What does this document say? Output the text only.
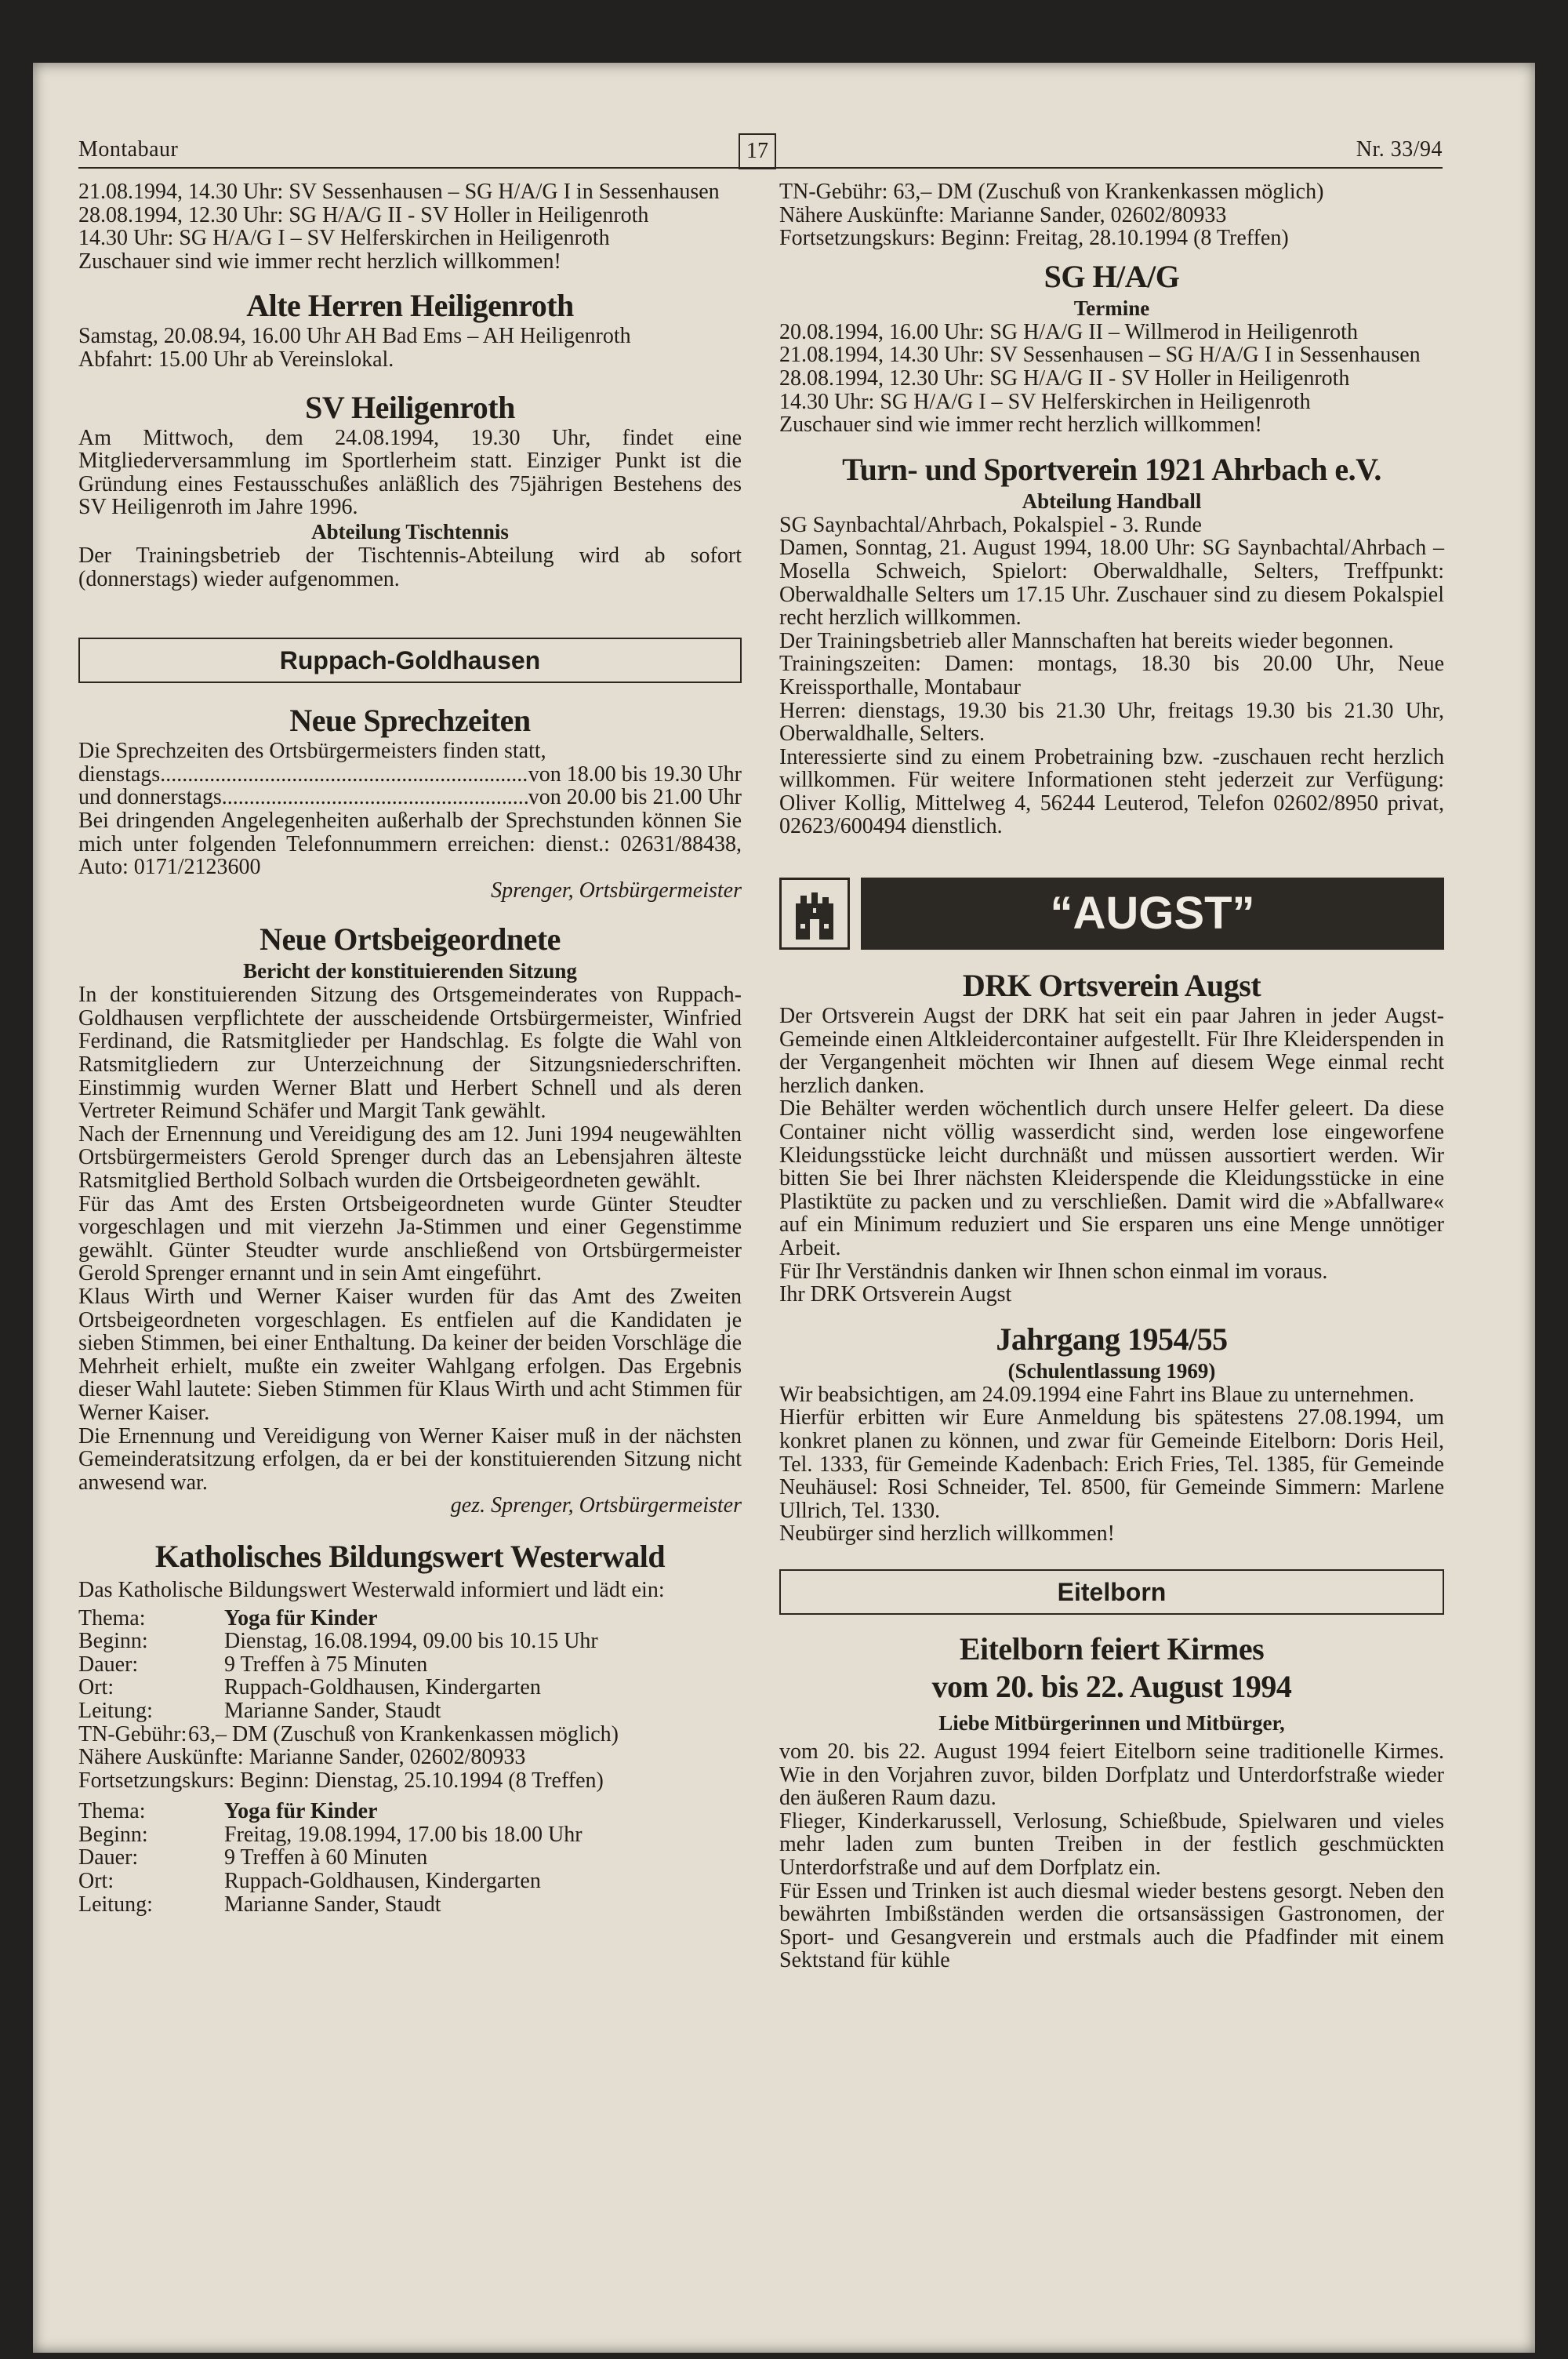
Montabaur	17	Nr. 33/94

21.08.1994, 14.30 Uhr: SV Sessenhausen – SG H/A/G I in Sessenhausen

28.08.1994, 12.30 Uhr: SG H/A/G II - SV Holler in Heiligenroth

14.30 Uhr: SG H/A/G I – SV Helferskirchen in Heiligenroth

Zuschauer sind wie immer recht herzlich willkommen!

Alte Herren Heiligenroth

Samstag, 20.08.94, 16.00 Uhr AH Bad Ems – AH Heiligenroth

Abfahrt: 15.00 Uhr ab Vereinslokal.

SV Heiligenroth

Am Mittwoch, dem 24.08.1994, 19.30 Uhr, findet eine Mitgliederversammlung im Sportlerheim statt. Einziger Punkt ist die Gründung eines Festausschußes anläßlich des 75jährigen Bestehens des SV Heiligenroth im Jahre 1996.

Abteilung Tischtennis

Der Trainingsbetrieb der Tischtennis-Abteilung wird ab sofort (donnerstags) wieder aufgenommen.

Ruppach-Goldhausen
Neue Sprechzeiten

Die Sprechzeiten des Ortsbürgermeisters finden statt,

dienstags .....	von 18.00 bis 19.30 Uhr
und donnerstags .....	von 20.00 bis 21.00 Uhr

Bei dringenden Angelegenheiten außerhalb der Sprechstunden können Sie mich unter folgenden Telefonnummern erreichen: dienst.: 02631/88438, Auto: 0171/2123600

Sprenger, Ortsbürgermeister

Neue Ortsbeigeordnete
Bericht der konstituierenden Sitzung

In der konstituierenden Sitzung des Ortsgemeinderates von Ruppach-Goldhausen verpflichtete der ausscheidende Ortsbürgermeister, Winfried Ferdinand, die Ratsmitglieder per Handschlag. Es folgte die Wahl von Ratsmitgliedern zur Unterzeichnung der Sitzungsniederschriften. Einstimmig wurden Werner Blatt und Herbert Schnell und als deren Vertreter Reimund Schäfer und Margit Tank gewählt.

Nach der Ernennung und Vereidigung des am 12. Juni 1994 neugewählten Ortsbürgermeisters Gerold Sprenger durch das an Lebensjahren älteste Ratsmitglied Berthold Solbach wurden die Ortsbeigeordneten gewählt.

Für das Amt des Ersten Ortsbeigeordneten wurde Günter Steudter vorgeschlagen und mit vierzehn Ja-Stimmen und einer Gegenstimme gewählt. Günter Steudter wurde anschließend von Ortsbürgermeister Gerold Sprenger ernannt und in sein Amt eingeführt.

Klaus Wirth und Werner Kaiser wurden für das Amt des Zweiten Ortsbeigeordneten vorgeschlagen. Es entfielen auf die Kandidaten je sieben Stimmen, bei einer Enthaltung. Da keiner der beiden Vorschläge die Mehrheit erhielt, mußte ein zweiter Wahlgang erfolgen. Das Ergebnis dieser Wahl lautete: Sieben Stimmen für Klaus Wirth und acht Stimmen für Werner Kaiser.

Die Ernennung und Vereidigung von Werner Kaiser muß in der nächsten Gemeinderatsitzung erfolgen, da er bei der konstituierenden Sitzung nicht anwesend war.

gez. Sprenger, Ortsbürgermeister

Katholisches Bildungswert Westerwald

Das Katholische Bildungswert Westerwald informiert und lädt ein:

Thema:	Yoga für Kinder
Beginn:	Dienstag, 16.08.1994, 09.00 bis 10.15 Uhr
Dauer:	9 Treffen à 75 Minuten
Ort:	Ruppach-Goldhausen, Kindergarten
Leitung:	Marianne Sander, Staudt
TN-Gebühr: 63,– DM (Zuschuß von Krankenkassen möglich)

Nähere Auskünfte: Marianne Sander, 02602/80933

Fortsetzungskurs: Beginn: Dienstag, 25.10.1994 (8 Treffen)

Thema:	Yoga für Kinder
Beginn:	Freitag, 19.08.1994, 17.00 bis 18.00 Uhr
Dauer:	9 Treffen à 60 Minuten
Ort:	Ruppach-Goldhausen, Kindergarten
Leitung:	Marianne Sander, Staudt

TN-Gebühr: 63,– DM (Zuschuß von Krankenkassen möglich)

Nähere Auskünfte: Marianne Sander, 02602/80933

Fortsetzungskurs: Beginn: Freitag, 28.10.1994 (8 Treffen)

SG H/A/G
Termine

20.08.1994, 16.00 Uhr: SG H/A/G II – Willmerod in Heiligenroth

21.08.1994, 14.30 Uhr: SV Sessenhausen – SG H/A/G I in Sessenhausen

28.08.1994, 12.30 Uhr: SG H/A/G II - SV Holler in Heiligenroth

14.30 Uhr: SG H/A/G I – SV Helferskirchen in Heiligenroth

Zuschauer sind wie immer recht herzlich willkommen!

Turn- und Sportverein 1921 Ahrbach e.V.
Abteilung Handball

SG Saynbachtal/Ahrbach, Pokalspiel - 3. Runde

Damen, Sonntag, 21. August 1994, 18.00 Uhr: SG Saynbachtal/Ahrbach – Mosella Schweich, Spielort: Oberwaldhalle, Selters, Treffpunkt: Oberwaldhalle Selters um 17.15 Uhr. Zuschauer sind zu diesem Pokalspiel recht herzlich willkommen.

Der Trainingsbetrieb aller Mannschaften hat bereits wieder begonnen.

Trainingszeiten: Damen: montags, 18.30 bis 20.00 Uhr, Neue Kreissporthalle, Montabaur

Herren: dienstags, 19.30 bis 21.30 Uhr, freitags 19.30 bis 21.30 Uhr, Oberwaldhalle, Selters.

Interessierte sind zu einem Probetraining bzw. -zuschauen recht herzlich willkommen. Für weitere Informationen steht jederzeit zur Verfügung: Oliver Kollig, Mittelweg 4, 56244 Leuterod, Telefon 02602/8950 privat, 02623/600494 dienstlich.

“AUGST”
DRK Ortsverein Augst

Der Ortsverein Augst der DRK hat seit ein paar Jahren in jeder Augst-Gemeinde einen Altkleidercontainer aufgestellt. Für Ihre Kleiderspenden in der Vergangenheit möchten wir Ihnen auf diesem Wege einmal recht herzlich danken.

Die Behälter werden wöchentlich durch unsere Helfer geleert. Da diese Container nicht völlig wasserdicht sind, werden lose eingeworfene Kleidungsstücke leicht durchnäßt und müssen aussortiert werden. Wir bitten Sie bei Ihrer nächsten Kleiderspende die Kleidungsstücke in eine Plastiktüte zu packen und zu verschließen. Damit wird die »Abfallware« auf ein Minimum reduziert und Sie ersparen uns eine Menge unnötiger Arbeit.

Für Ihr Verständnis danken wir Ihnen schon einmal im voraus.

Ihr DRK Ortsverein Augst

Jahrgang 1954/55
(Schulentlassung 1969)

Wir beabsichtigen, am 24.09.1994 eine Fahrt ins Blaue zu unternehmen.

Hierfür erbitten wir Eure Anmeldung bis spätestens 27.08.1994, um konkret planen zu können, und zwar für Gemeinde Eitelborn: Doris Heil, Tel. 1333, für Gemeinde Kadenbach: Erich Fries, Tel. 1385, für Gemeinde Neuhäusel: Rosi Schneider, Tel. 8500, für Gemeinde Simmern: Marlene Ullrich, Tel. 1330.

Neubürger sind herzlich willkommen!

Eitelborn
Eitelborn feiert Kirmes
vom 20. bis 22. August 1994
Liebe Mitbürgerinnen und Mitbürger,

vom 20. bis 22. August 1994 feiert Eitelborn seine traditionelle Kirmes. Wie in den Vorjahren zuvor, bilden Dorfplatz und Unterdorfstraße wieder den äußeren Raum dazu.

Flieger, Kinderkarussell, Verlosung, Schießbude, Spielwaren und vieles mehr laden zum bunten Treiben in der festlich geschmückten Unterdorfstraße und auf dem Dorfplatz ein.

Für Essen und Trinken ist auch diesmal wieder bestens gesorgt. Neben den bewährten Imbißständen werden die ortsansässigen Gastronomen, der Sport- und Gesangverein und erstmals auch die Pfadfinder mit einem Sektstand für kühle
